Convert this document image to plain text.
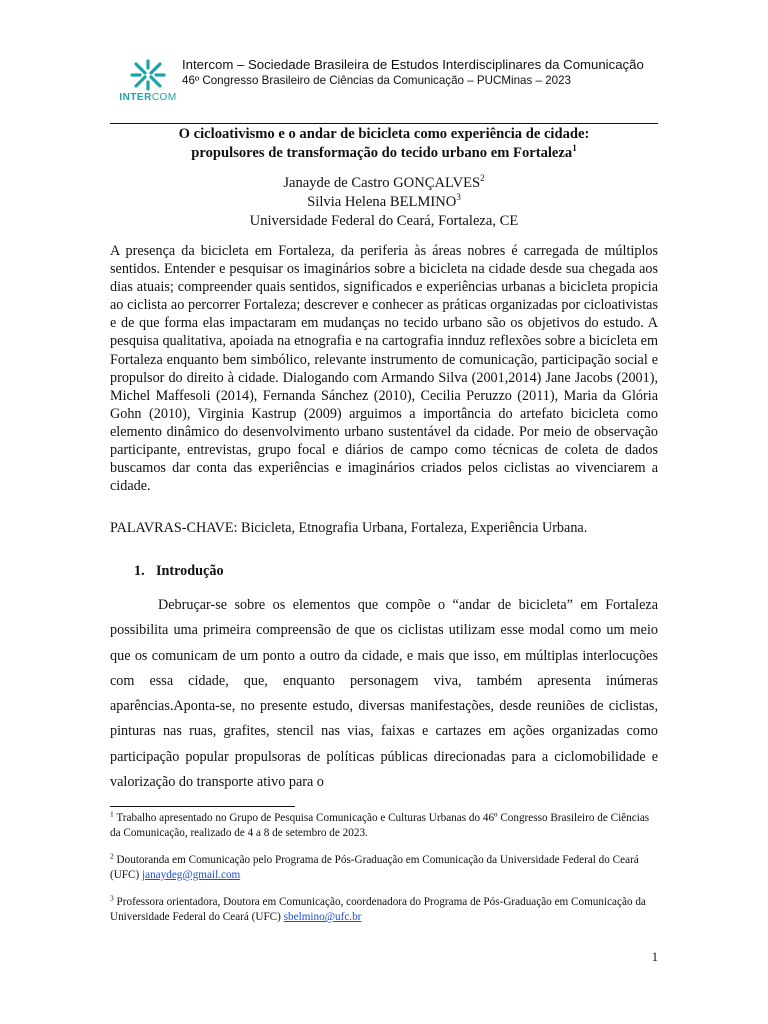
INTERCOM
Intercom – Sociedade Brasileira de Estudos Interdisciplinares da Comunicação
46º Congresso Brasileiro de Ciências da Comunicação – PUCMinas – 2023
O cicloativismo e o andar de bicicleta como experiência de cidade:
propulsores de transformação do tecido urbano em Fortaleza$^1$
Janayde de Castro GONÇALVES$^2$
Silvia Helena BELMINO$^3$
Universidade Federal do Ceará, Fortaleza, CE
A presença da bicicleta em Fortaleza, da periferia às áreas nobres é carregada de múltiplos sentidos. Entender e pesquisar os imaginários sobre a bicicleta na cidade desde sua chegada aos dias atuais; compreender quais sentidos, significados e experiências urbanas a bicicleta propicia ao ciclista ao percorrer Fortaleza; descrever e conhecer as práticas organizadas por cicloativistas e de que forma elas impactaram em mudanças no tecido urbano são os objetivos do estudo. A pesquisa qualitativa, apoiada na etnografia e na cartografia innduz reflexões sobre a bicicleta em Fortaleza enquanto bem simbólico, relevante instrumento de comunicação, participação social e propulsor do direito à cidade. Dialogando com Armando Silva (2001,2014) Jane Jacobs (2001), Michel Maffesoli (2014), Fernanda Sánchez (2010), Cecilia Peruzzo (2011), Maria da Glória Gohn (2010), Virginia Kastrup (2009) arguimos a importância do artefato bicicleta como elemento dinâmico do desenvolvimento urbano sustentável da cidade. Por meio de observação participante, entrevistas, grupo focal e diários de campo como técnicas de coleta de dados buscamos dar conta das experiências e imaginários criados pelos ciclistas ao vivenciarem a cidade.
PALAVRAS-CHAVE: Bicicleta, Etnografia Urbana, Fortaleza, Experiência Urbana.
1. Introdução
Debruçar-se sobre os elementos que compõe o “andar de bicicleta” em Fortaleza possibilita uma primeira compreensão de que os ciclistas utilizam esse modal como um meio que os comunicam de um ponto a outro da cidade, e mais que isso, em múltiplas interlocuções com essa cidade, que, enquanto personagem viva, também apresenta inúmeras aparências.Aponta-se, no presente estudo, diversas manifestações, desde reuniões de ciclistas, pinturas nas ruas, grafites, stencil nas vias, faixas e cartazes em ações organizadas como participação popular propulsoras de políticas públicas direcionadas para a ciclomobilidade e valorização do transporte ativo para o

$^1$ Trabalho apresentado no Grupo de Pesquisa Comunicação e Culturas Urbanas do 46º Congresso Brasileiro de Ciências da Comunicação, realizado de 4 a 8 de setembro de 2023.

$^2$ Doutoranda em Comunicação pelo Programa de Pós-Graduação em Comunicação da Universidade Federal do Ceará (UFC) janaydeg@gmail.com

$^3$ Professora orientadora, Doutora em Comunicação, coordenadora do Programa de Pós-Graduação em Comunicação da Universidade Federal do Ceará (UFC) sbelmino@ufc.br

1
